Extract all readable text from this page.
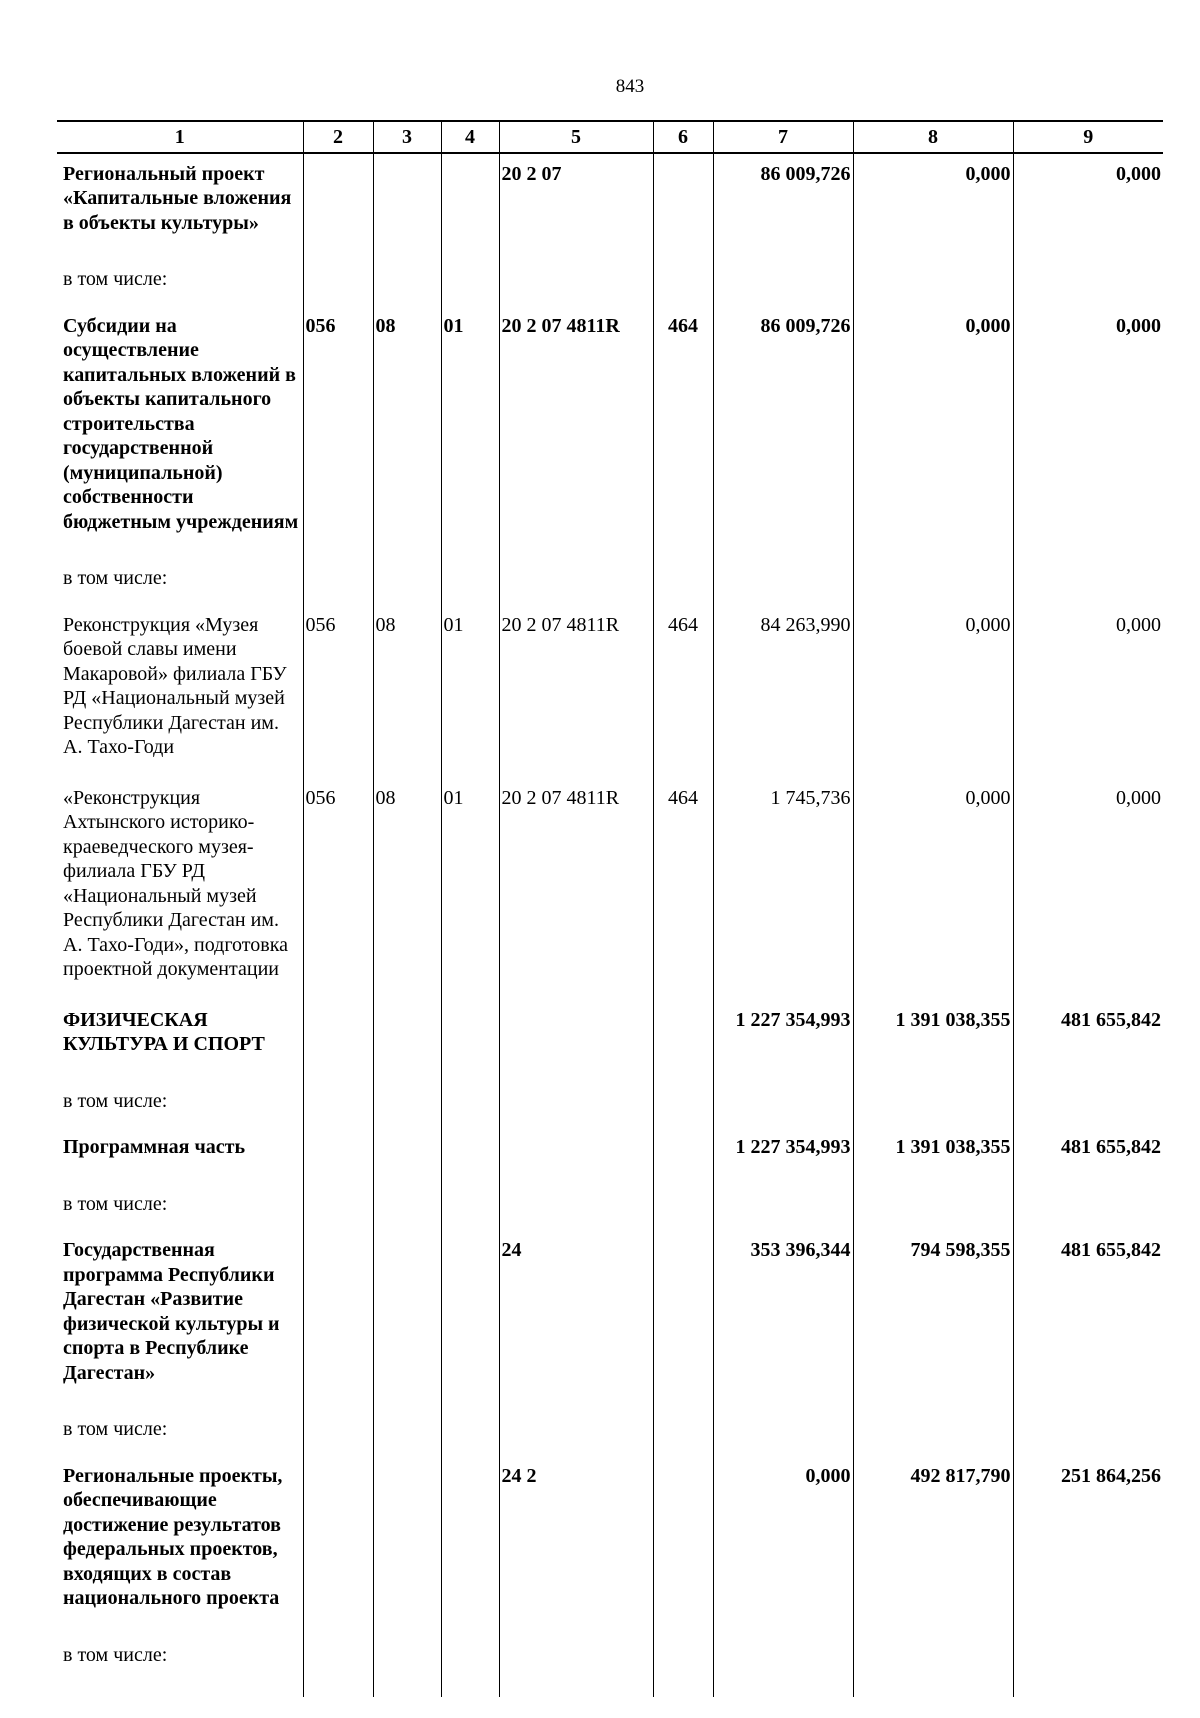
843
1	2	3	4	5	6	7	8	9
Региональный проект «Капитальные вложения в объекты культуры»				20 2 07		86 009,726	0,000	0,000
в том числе:								
Субсидии на осуществление капитальных вложений в объекты капитального строительства государственной (муниципальной) собственности бюджетным учреждениям	056	08	01	20 2 07 4811R	464	86 009,726	0,000	0,000
в том числе:								
Реконструкция «Музея боевой славы имени Макаровой» филиала ГБУ РД «Национальный музей Республики Дагестан им. А. Тахо-Годи	056	08	01	20 2 07 4811R	464	84 263,990	0,000	0,000
«Реконструкция Ахтынского историко-краеведческого музея-филиала ГБУ РД «Национальный музей Республики Дагестан им. А. Тахо-Годи», подготовка проектной документации	056	08	01	20 2 07 4811R	464	1 745,736	0,000	0,000
ФИЗИЧЕСКАЯ КУЛЬТУРА И СПОРТ						1 227 354,993	1 391 038,355	481 655,842
в том числе:								
Программная часть						1 227 354,993	1 391 038,355	481 655,842
в том числе:								
Государственная программа Республики Дагестан «Развитие физической культуры и спорта в Республике Дагестан»				24		353 396,344	794 598,355	481 655,842
в том числе:								
Региональные проекты, обеспечивающие достижение результатов федеральных проектов, входящих в состав национального проекта				24 2		0,000	492 817,790	251 864,256
в том числе:								
